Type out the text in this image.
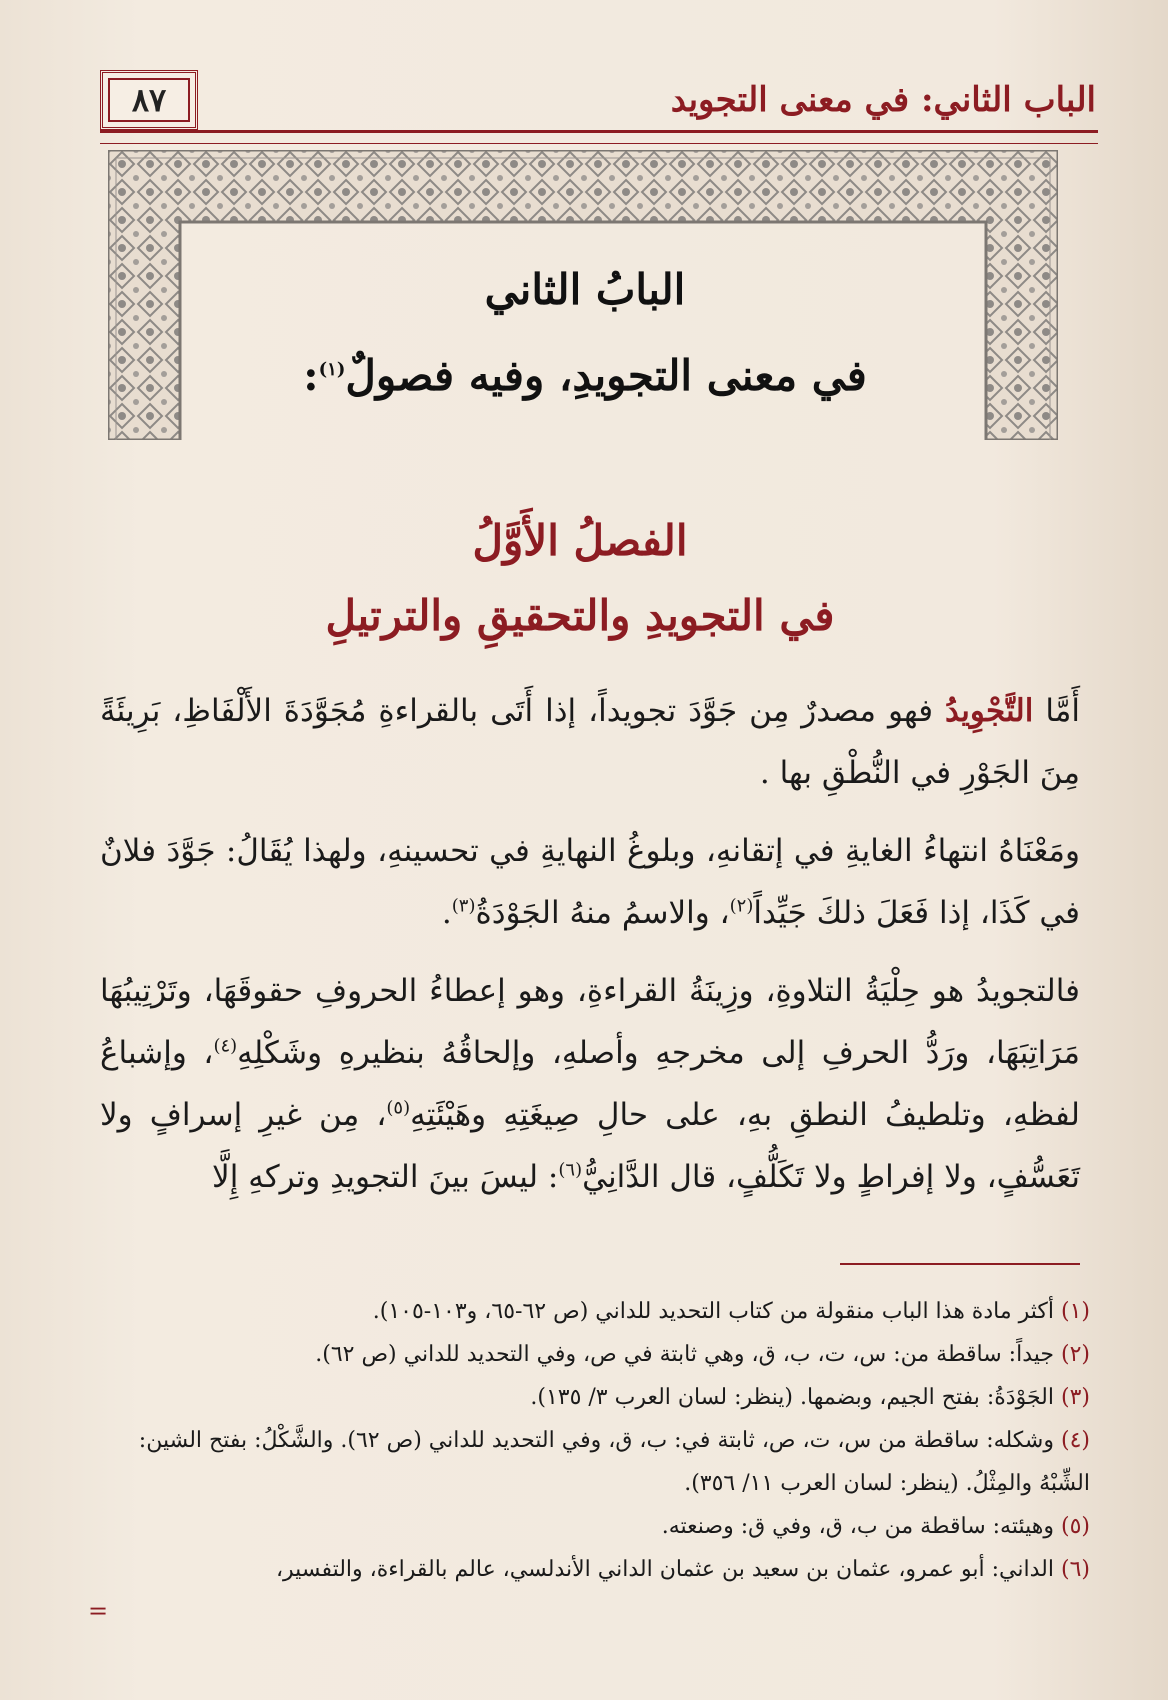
الباب الثاني: في معنى التجويد
٨٧
البابُ الثاني
في معنى التجويدِ، وفيه فصولٌ$^{(١)}$:
الفصلُ الأَوَّلُ
في التجويدِ والتحقيقِ والترتيلِ

أَمَّا التَّجْوِيدُ فهو مصدرٌ مِن جَوَّدَ تجويداً، إذا أَتَى بالقراءةِ مُجَوَّدَةَ الأَلْفَاظِ، بَرِيئَةً مِنَ الجَوْرِ في النُّطْقِ بها .

ومَعْنَاهُ انتهاءُ الغايةِ في إتقانهِ، وبلوغُ النهايةِ في تحسينهِ، ولهذا يُقَالُ: جَوَّدَ فلانٌ في كَذَا، إذا فَعَلَ ذلكَ جَيِّداً$^{(٢)}$، والاسمُ منهُ الجَوْدَةُ$^{(٣)}$.

فالتجويدُ هو حِلْيَةُ التلاوةِ، وزِينَةُ القراءةِ، وهو إعطاءُ الحروفِ حقوقَهَا، وتَرْتِيبُهَا مَرَاتِبَهَا، ورَدُّ الحرفِ إلى مخرجهِ وأصلهِ، وإلحاقُهُ بنظيرهِ وشَكْلِهِ$^{(٤)}$، وإشباعُ لفظهِ، وتلطيفُ النطقِ بهِ، على حالِ صِيغَتِهِ وهَيْئَتِهِ$^{(٥)}$، مِن غيرِ إسرافٍ ولا تَعَسُّفٍ، ولا إفراطٍ ولا تَكَلُّفٍ، قال الدَّانِيُّ$^{(٦)}$: ليسَ بينَ التجويدِ وتركهِ إِلَّا

(١) أكثر مادة هذا الباب منقولة من كتاب التحديد للداني (ص ٦٢-٦٥، و١٠٣-١٠٥).

(٢) جيداً: ساقطة من: س، ت، ب، ق، وهي ثابتة في ص، وفي التحديد للداني (ص ٦٢).

(٣) الجَوْدَةُ: بفتح الجيم، وبضمها. (ينظر: لسان العرب ٣/ ١٣٥).

(٤) وشكله: ساقطة من س، ت، ص، ثابتة في: ب، ق، وفي التحديد للداني (ص ٦٢). والشَّكْلُ: بفتح الشين: الشِّبْهُ والمِثْلُ. (ينظر: لسان العرب ١١/ ٣٥٦).

(٥) وهيئته: ساقطة من ب، ق، وفي ق: وصنعته.

(٦) الداني: أبو عمرو، عثمان بن سعيد بن عثمان الداني الأندلسي، عالم بالقراءة، والتفسير،

=
